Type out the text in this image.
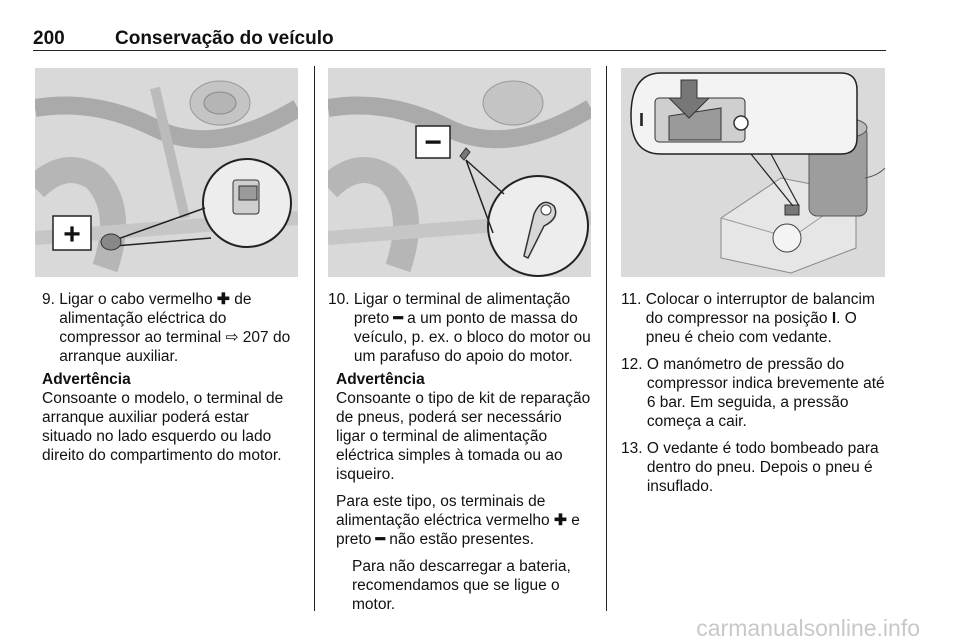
200	Conservação do veículo
+
−
I
9. Ligar o cabo vermelho ✚ de alimentação eléctrica do compressor ao terminal ⇨ 207 do arranque auxiliar.

Advertência

Consoante o modelo, o terminal de arranque auxiliar poderá estar situado no lado esquerdo ou lado direito do compartimento do motor.

10. Ligar o terminal de alimentação preto ━ a um ponto de massa do veículo, p. ex. o bloco do motor ou um parafuso do apoio do motor.

Advertência

Consoante o tipo de kit de reparação de pneus, poderá ser necessário ligar o terminal de alimentação eléctrica simples à tomada ou ao isqueiro.

Para este tipo, os terminais de alimentação eléctrica vermelho ✚ e preto ━ não estão presentes.

Para não descarregar a bateria, recomendamos que se ligue o motor.

11. Colocar o interruptor de balancim do compressor na posição I. O pneu é cheio com vedante.
12. O manómetro de pressão do compressor indica brevemente até 6 bar. Em seguida, a pressão começa a cair.
13. O vedante é todo bombeado para dentro do pneu. Depois o pneu é insuflado.
carmanualsonline.info
